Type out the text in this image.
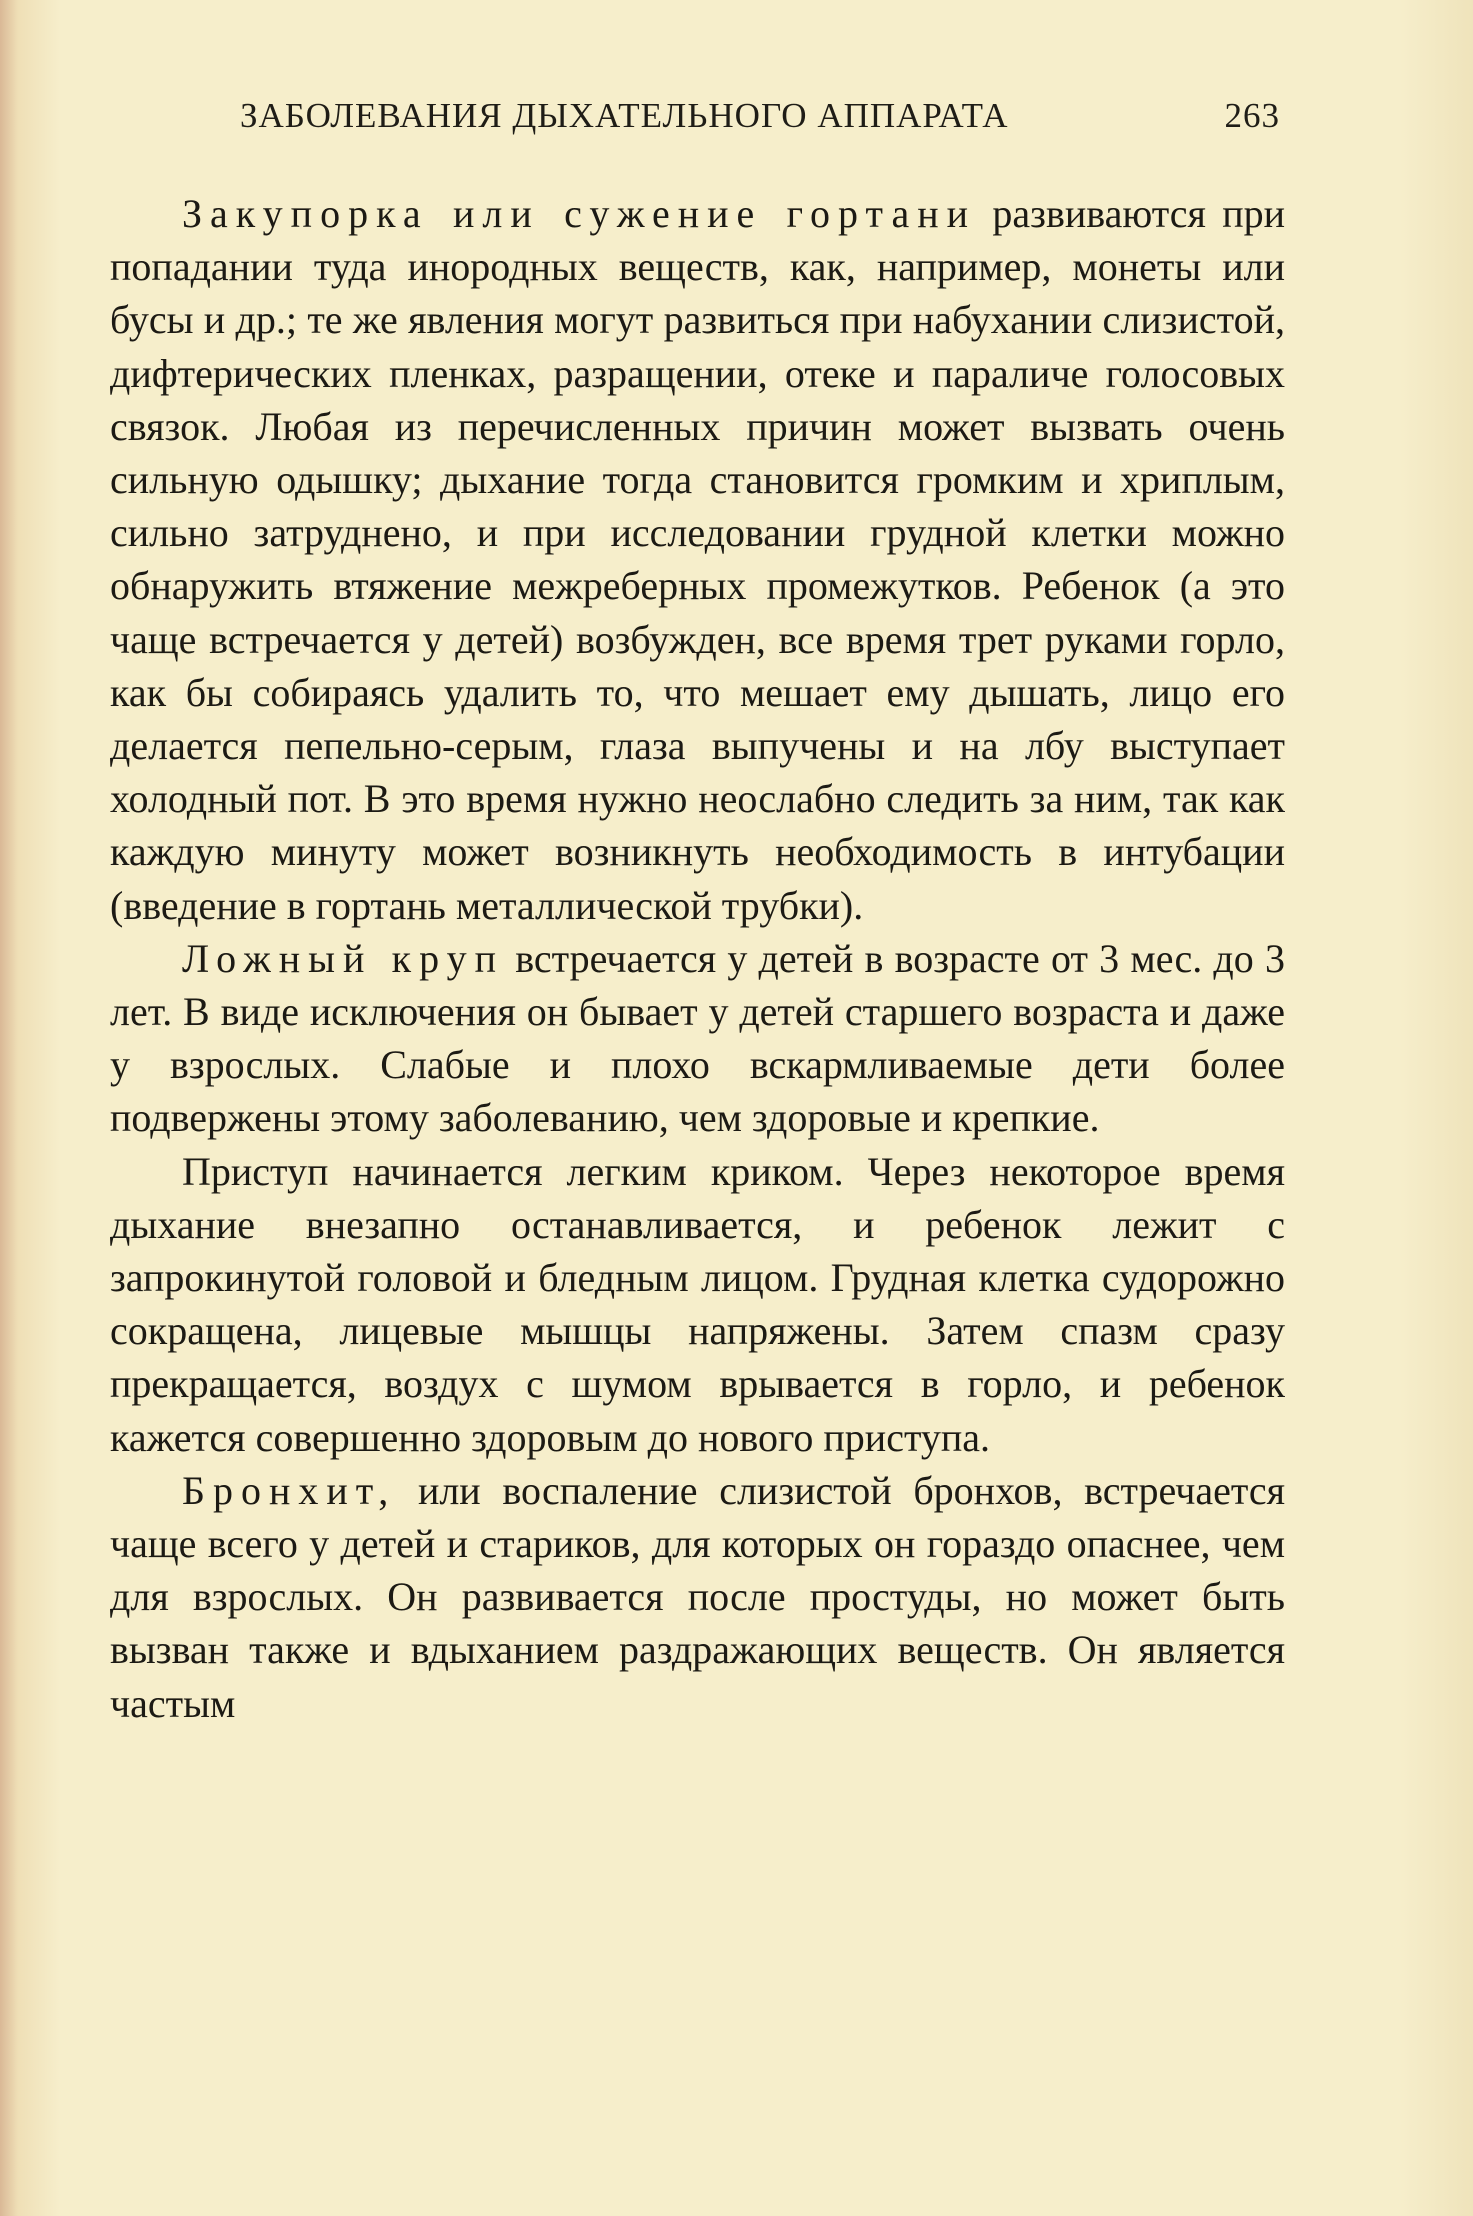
ЗАБОЛЕВАНИЯ ДЫХАТЕЛЬНОГО АППАРАТА	263

Закупорка или сужение гортани развиваются при попадании туда инородных веществ, как, например, монеты или бусы и др.; те же явления могут развиться при набухании слизистой, дифтерических пленках, разращении, отеке и параличе голосовых связок. Любая из перечисленных причин может вызвать очень сильную одышку; дыхание тогда становится громким и хриплым, сильно затруднено, и при исследовании грудной клетки можно обнаружить втяжение межреберных промежутков. Ребенок (а это чаще встречается у детей) возбужден, все время трет руками горло, как бы собираясь удалить то, что мешает ему дышать, лицо его делается пепельно-серым, глаза выпучены и на лбу выступает холодный пот. В это время нужно неослабно следить за ним, так как каждую минуту может возникнуть необходимость в интубации (введение в гортань металлической трубки).

Ложный круп встречается у детей в возрасте от 3 мес. до 3 лет. В виде исключения он бывает у детей старшего возраста и даже у взрослых. Слабые и плохо вскармливаемые дети более подвержены этому заболеванию, чем здоровые и крепкие.

Приступ начинается легким криком. Через некоторое время дыхание внезапно останавливается, и ребенок лежит с запрокинутой головой и бледным лицом. Грудная клетка судорожно сокращена, лицевые мышцы напряжены. Затем спазм сразу прекращается, воздух с шумом врывается в горло, и ребенок кажется совершенно здоровым до нового приступа.

Бронхит, или воспаление слизистой бронхов, встречается чаще всего у детей и стариков, для которых он гораздо опаснее, чем для взрослых. Он развивается после простуды, но может быть вызван также и вдыханием раздражающих веществ. Он является частым
